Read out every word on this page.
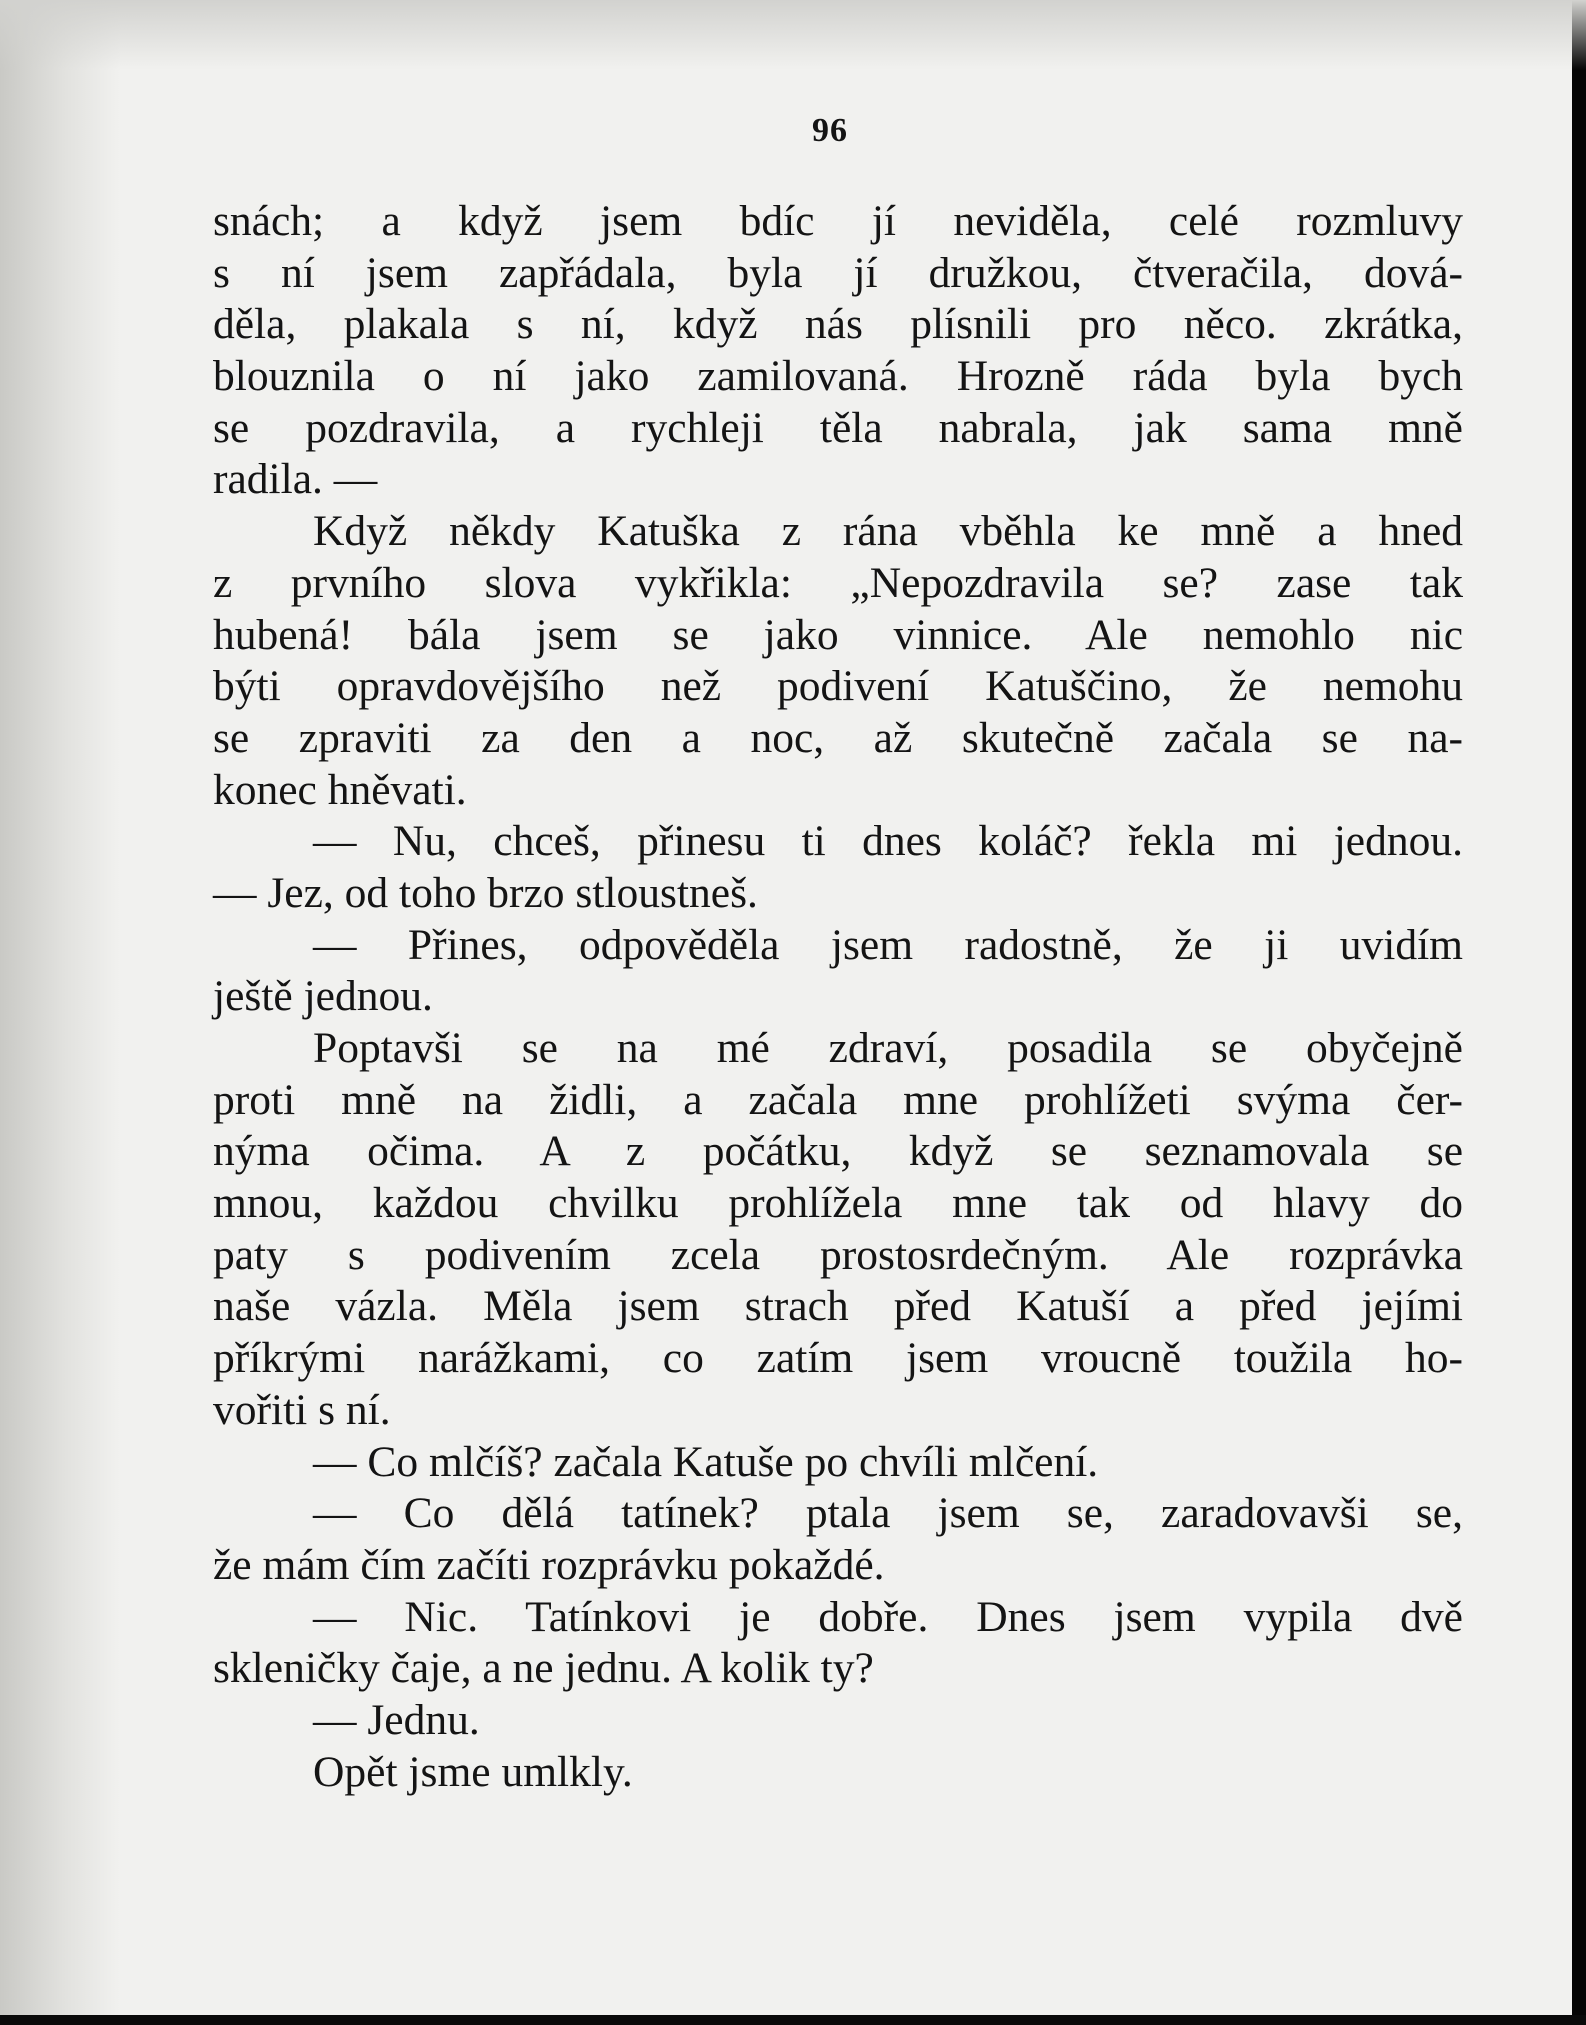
96
snách; a když jsem bdíc jí neviděla, celé rozmluvy
s ní jsem zapřádala, byla jí družkou, čtveračila, dová-
děla, plakala s ní, když nás plísnili pro něco. zkrátka,
blouznila o ní jako zamilovaná. Hrozně ráda byla bych
se pozdravila, a rychleji těla nabrala, jak sama mně
radila. —
Když někdy Katuška z rána vběhla ke mně a hned
z prvního slova vykřikla: „Nepozdravila se? zase tak
hubená! bála jsem se jako vinnice. Ale nemohlo nic
býti opravdovějšího než podivení Katuščino, že nemohu
se zpraviti za den a noc, až skutečně začala se na-
konec hněvati.
— Nu, chceš, přinesu ti dnes koláč? řekla mi jednou.
— Jez, od toho brzo stloustneš.
— Přines, odpověděla jsem radostně, že ji uvidím
ještě jednou.
Poptavši se na mé zdraví, posadila se obyčejně
proti mně na židli, a začala mne prohlížeti svýma čer-
nýma očima. A z počátku, když se seznamovala se
mnou, každou chvilku prohlížela mne tak od hlavy do
paty s podivením zcela prostosrdečným. Ale rozprávka
naše vázla. Měla jsem strach před Katuší a před jejími
příkrými narážkami, co zatím jsem vroucně toužila ho-
vořiti s ní.
— Co mlčíš? začala Katuše po chvíli mlčení.
— Co dělá tatínek? ptala jsem se, zaradovavši se,
že mám čím začíti rozprávku pokaždé.
— Nic. Tatínkovi je dobře. Dnes jsem vypila dvě
skleničky čaje, a ne jednu. A kolik ty?
— Jednu.
Opět jsme umlkly.
